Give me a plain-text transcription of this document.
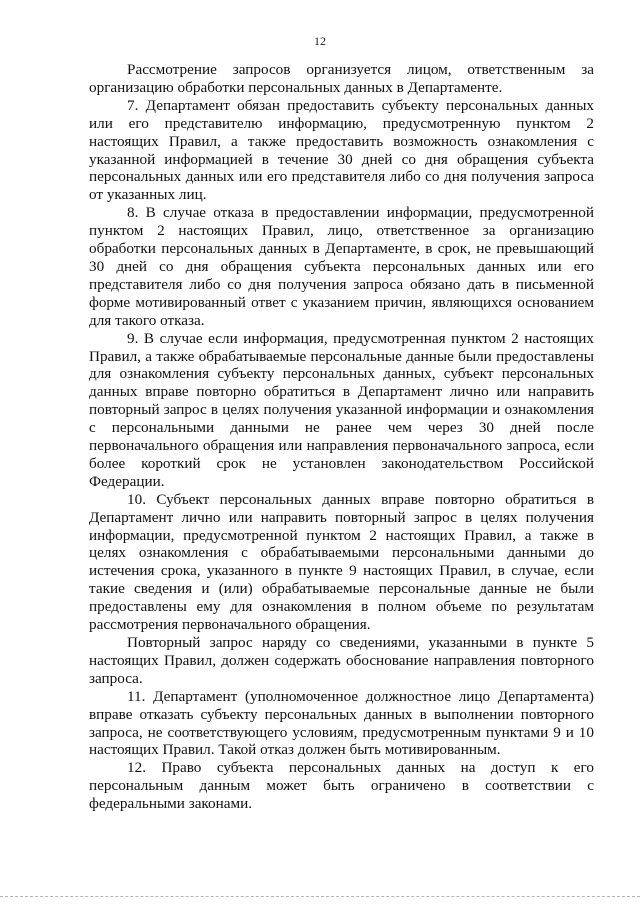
12

Рассмотрение запросов организуется лицом, ответственным за организацию обработки персональных данных в Департаменте.

7. Департамент обязан предоставить субъекту персональных данных или его представителю информацию, предусмотренную пунктом 2 настоящих Правил, а также предоставить возможность ознакомления с указанной информацией в течение 30 дней со дня обращения субъекта персональных данных или его представителя либо со дня получения запроса от указанных лиц.

8. В случае отказа в предоставлении информации, предусмотренной пунктом 2 настоящих Правил, лицо, ответственное за организацию обработки персональных данных в Департаменте, в срок, не превышающий 30 дней со дня обращения субъекта персональных данных или его представителя либо со дня получения запроса обязано дать в письменной форме мотивированный ответ с указанием причин, являющихся основанием для такого отказа.

9. В случае если информация, предусмотренная пунктом 2 настоящих Правил, а также обрабатываемые персональные данные были предоставлены для ознакомления субъекту персональных данных, субъект персональных данных вправе повторно обратиться в Департамент лично или направить повторный запрос в целях получения указанной информации и ознакомления с персональными данными не ранее чем через 30 дней после первоначального обращения или направления первоначального запроса, если более короткий срок не установлен законодательством Российской Федерации.

10. Субъект персональных данных вправе повторно обратиться в Департамент лично или направить повторный запрос в целях получения информации, предусмотренной пунктом 2 настоящих Правил, а также в целях ознакомления с обрабатываемыми персональными данными до истечения срока, указанного в пункте 9 настоящих Правил, в случае, если такие сведения и (или) обрабатываемые персональные данные не были предоставлены ему для ознакомления в полном объеме по результатам рассмотрения первоначального обращения.

Повторный запрос наряду со сведениями, указанными в пункте 5 настоящих Правил, должен содержать обоснование направления повторного запроса.

11. Департамент (уполномоченное должностное лицо Департамента) вправе отказать субъекту персональных данных в выполнении повторного запроса, не соответствующего условиям, предусмотренным пунктами 9 и 10 настоящих Правил. Такой отказ должен быть мотивированным.

12. Право субъекта персональных данных на доступ к его персональным данным может быть ограничено в соответствии с федеральными законами.
